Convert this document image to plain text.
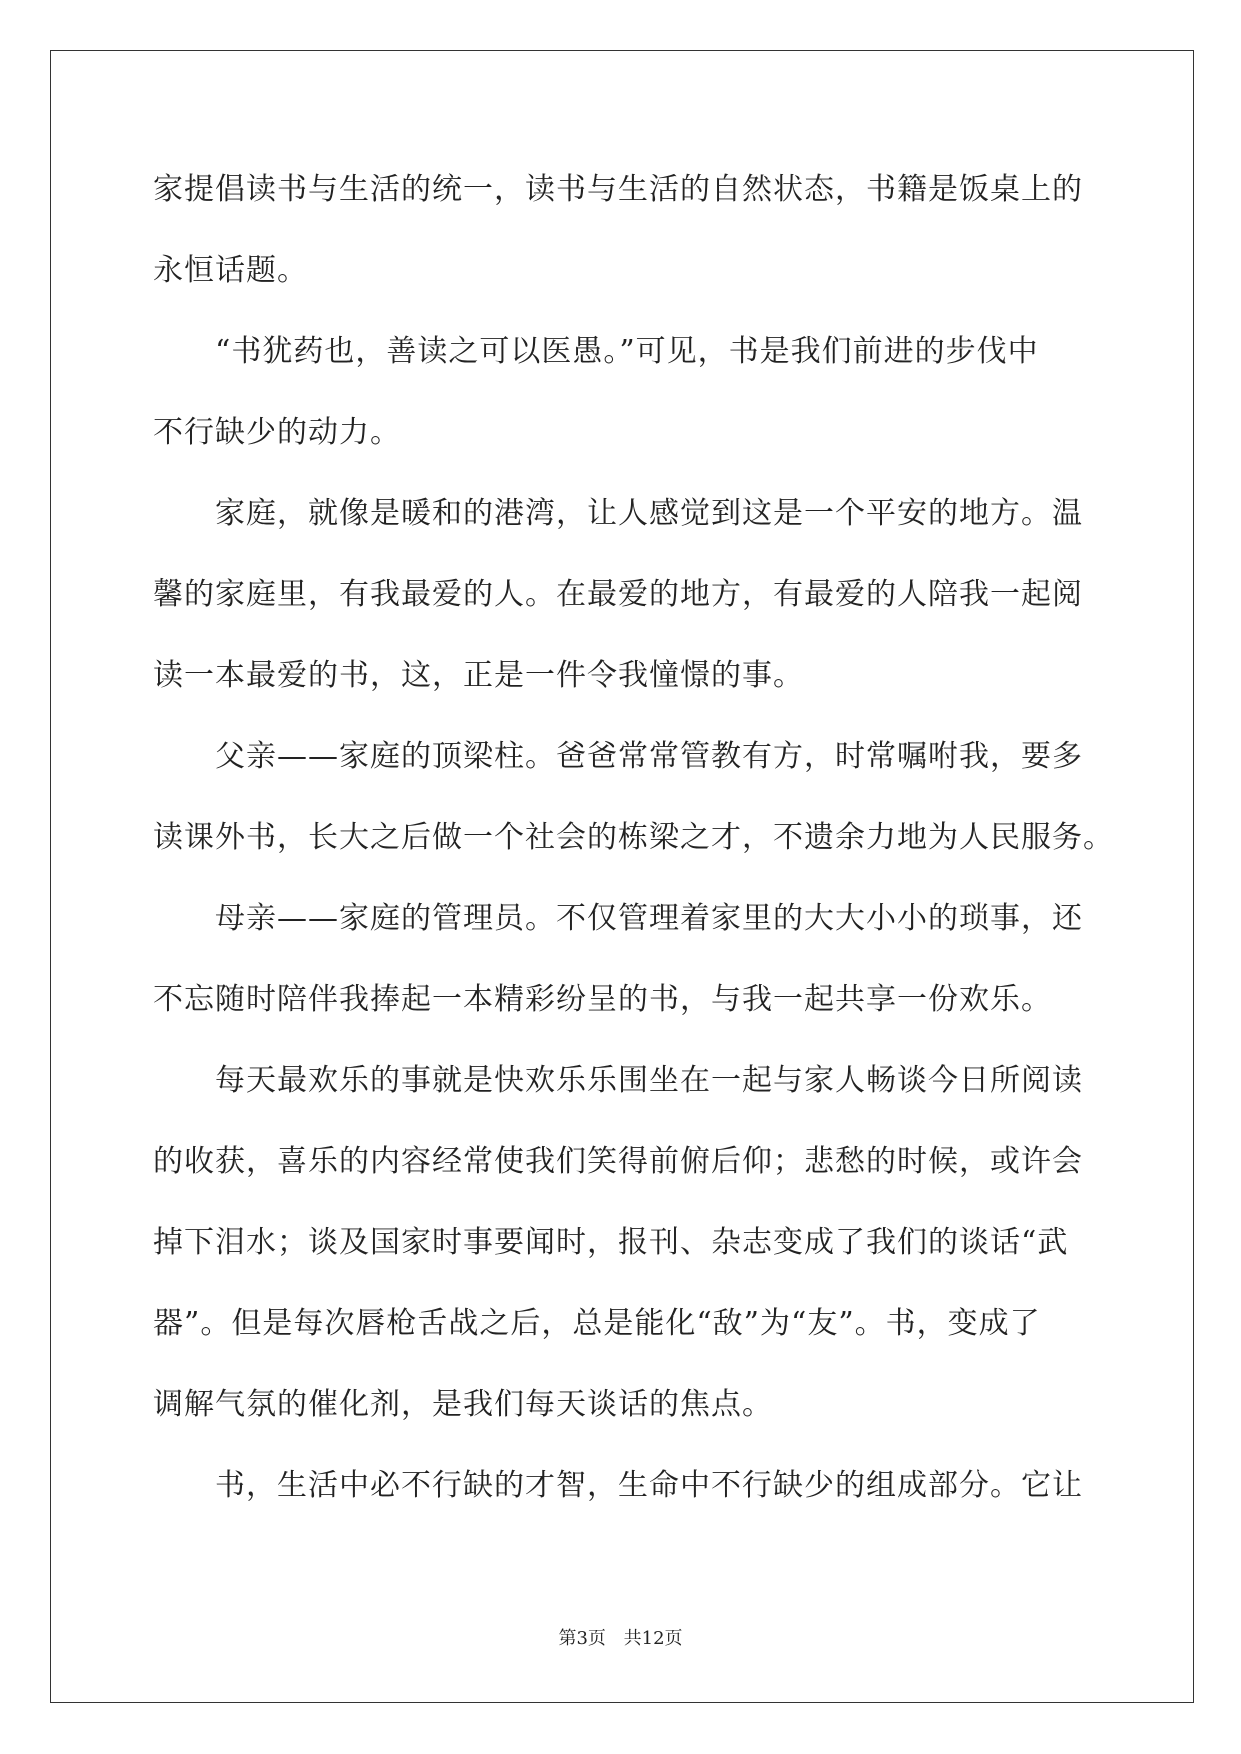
家提倡读书与生活的统一，读书与生活的自然状态，书籍是饭桌上的
永恒话题。
　　“书犹药也，善读之可以医愚。”可见，书是我们前进的步伐中
不行缺少的动力。
　　家庭，就像是暖和的港湾，让人感觉到这是一个平安的地方。温
馨的家庭里，有我最爱的人。在最爱的地方，有最爱的人陪我一起阅
读一本最爱的书，这，正是一件令我憧憬的事。
　　父亲——家庭的顶梁柱。爸爸常常管教有方，时常嘱咐我，要多
读课外书，长大之后做一个社会的栋梁之才，不遗余力地为人民服务。
　　母亲——家庭的管理员。不仅管理着家里的大大小小的琐事，还
不忘随时陪伴我捧起一本精彩纷呈的书，与我一起共享一份欢乐。
　　每天最欢乐的事就是快欢乐乐围坐在一起与家人畅谈今日所阅读
的收获，喜乐的内容经常使我们笑得前俯后仰；悲愁的时候，或许会
掉下泪水；谈及国家时事要闻时，报刊、杂志变成了我们的谈话“武
器”。但是每次唇枪舌战之后，总是能化“敌”为“友”。书，变成了
调解气氛的催化剂，是我们每天谈话的焦点。
　　书，生活中必不行缺的才智，生命中不行缺少的组成部分。它让
第3页 共12页
